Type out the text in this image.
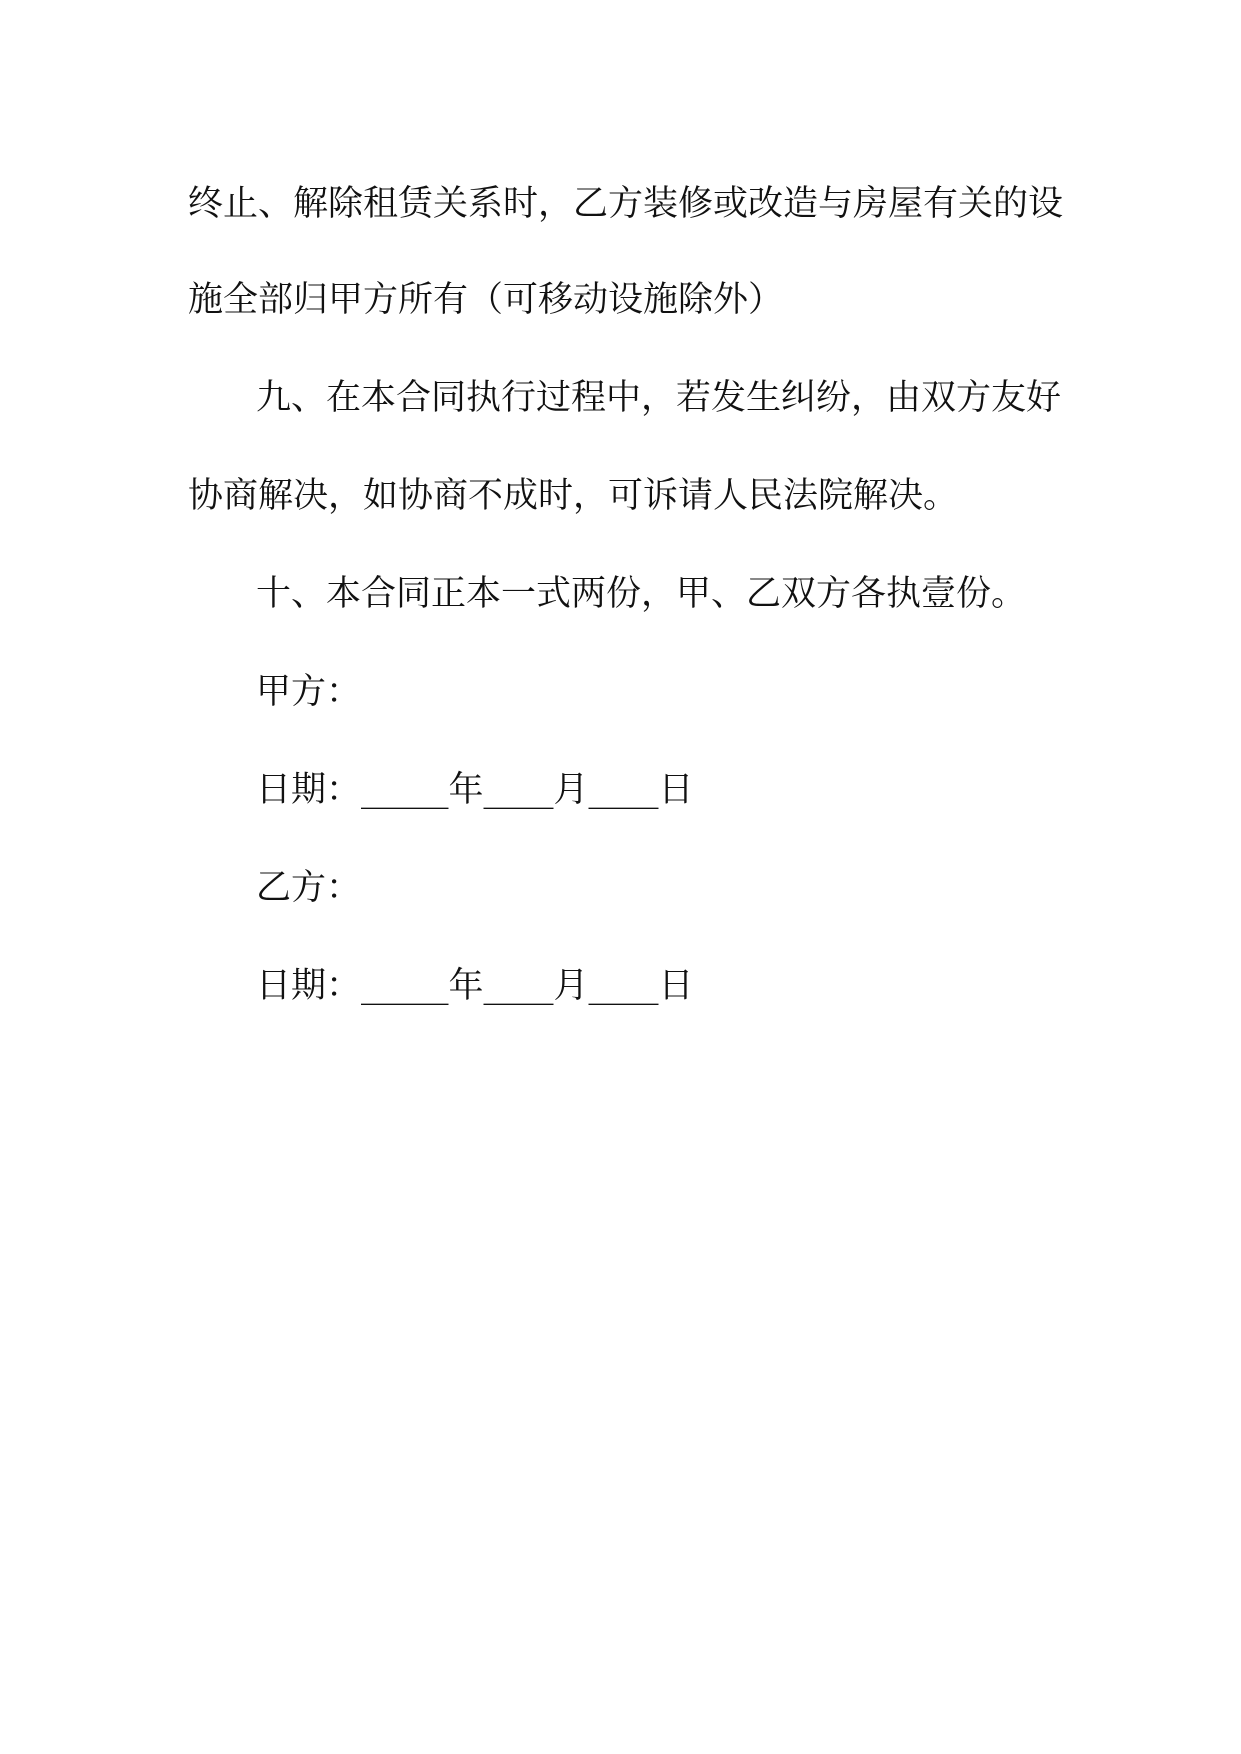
终止、解除租赁关系时，乙方装修或改造与房屋有关的设
施全部归甲方所有（可移动设施除外）
九、在本合同执行过程中，若发生纠纷，由双方友好
协商解决，如协商不成时，可诉请人民法院解决。
十、本合同正本一式两份，甲、乙双方各执壹份。
甲方：
日期：_____年____月____日
乙方：
日期：_____年____月____日
